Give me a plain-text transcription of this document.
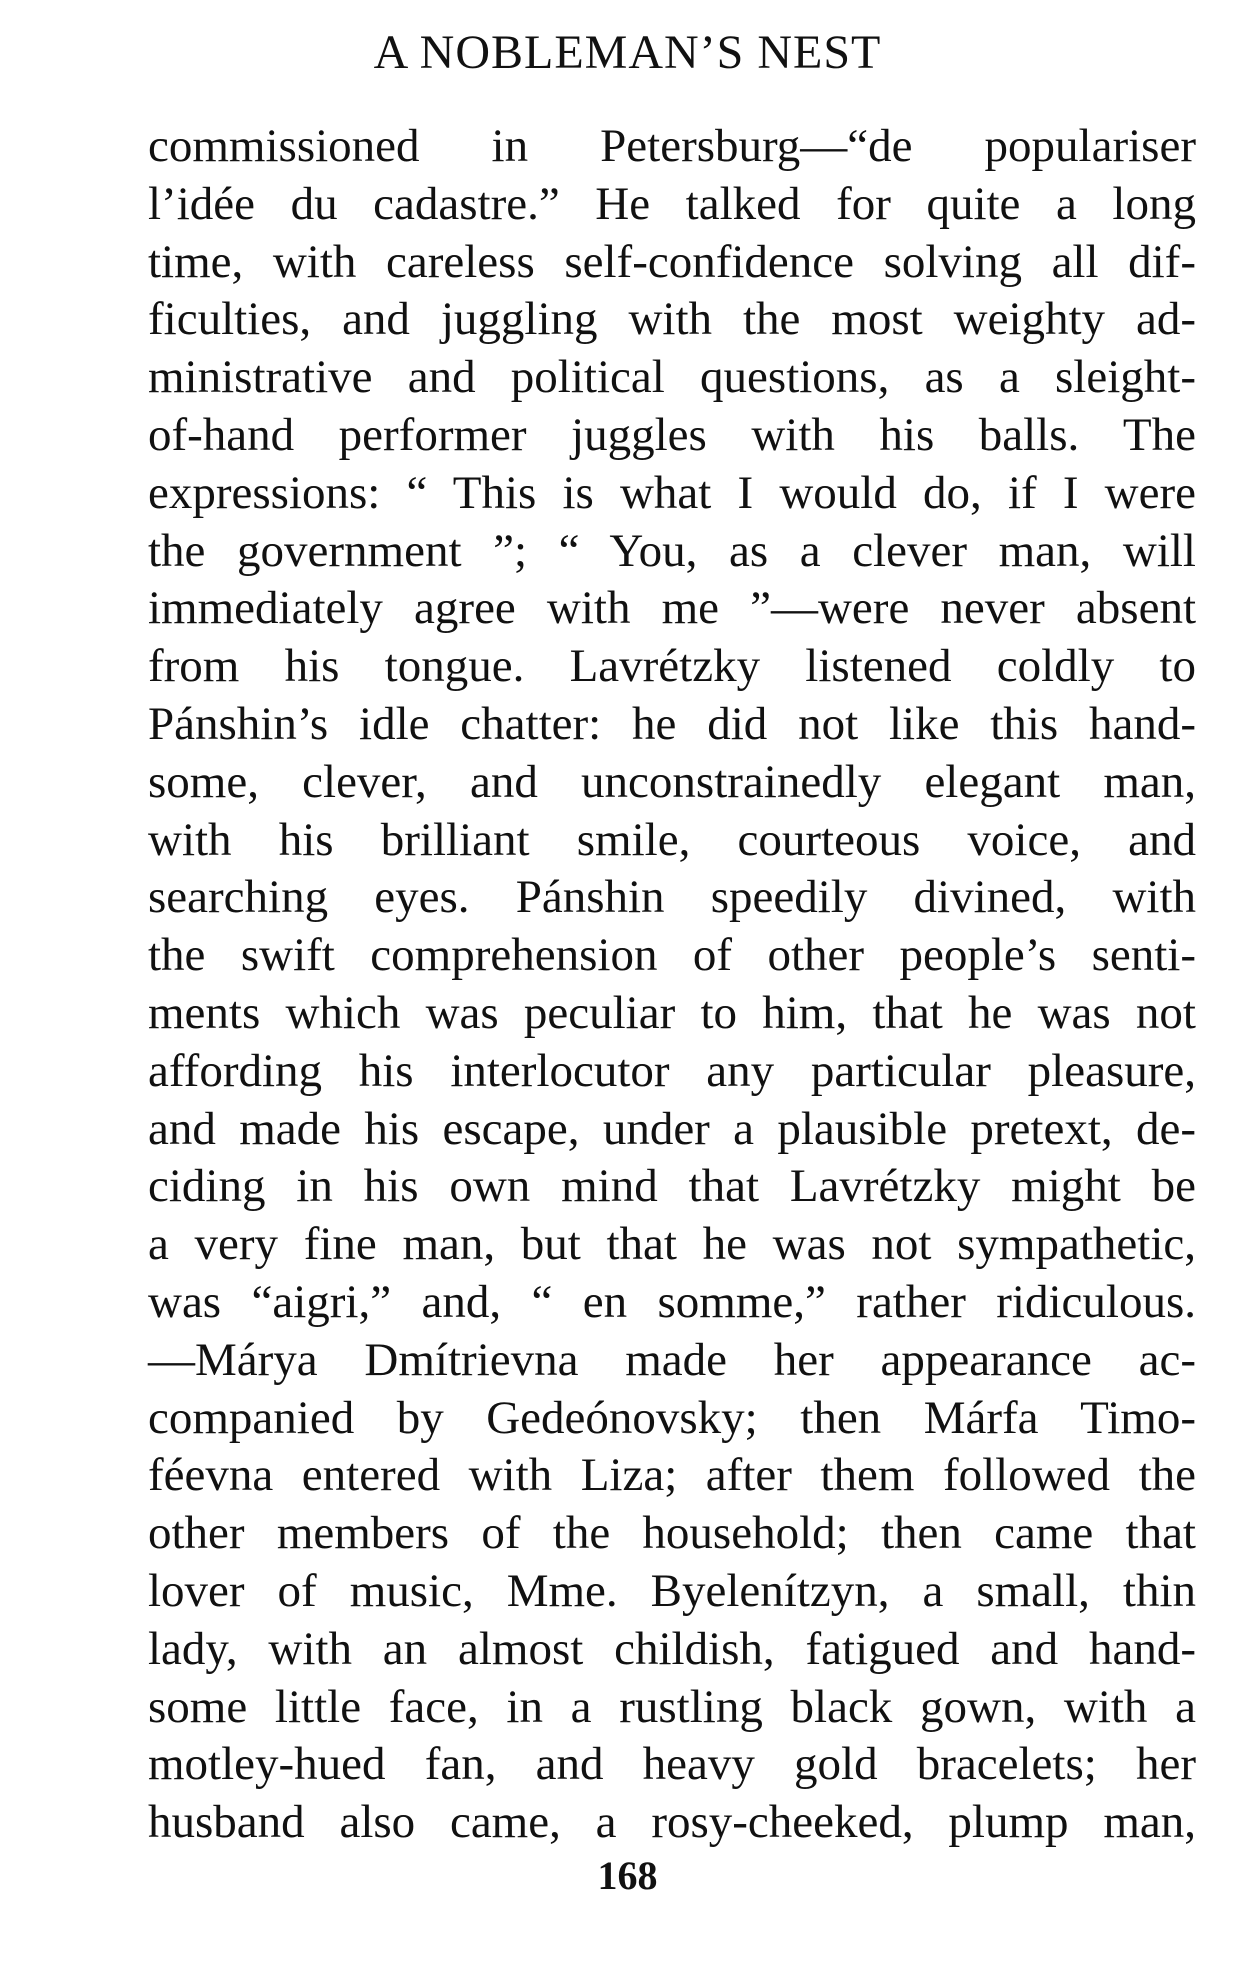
A NOBLEMAN’S NEST
commissioned in Petersburg—“de populariser
l’idée du cadastre.” He talked for quite a long
time, with careless self-confidence solving all dif-
ficulties, and juggling with the most weighty ad-
ministrative and political questions, as a sleight-
of-hand performer juggles with his balls. The
expressions: “ This is what I would do, if I were
the government ”; “ You, as a clever man, will
immediately agree with me ”—were never absent
from his tongue. Lavrétzky listened coldly to
Pánshin’s idle chatter: he did not like this hand-
some, clever, and unconstrainedly elegant man,
with his brilliant smile, courteous voice, and
searching eyes. Pánshin speedily divined, with
the swift comprehension of other people’s senti-
ments which was peculiar to him, that he was not
affording his interlocutor any particular pleasure,
and made his escape, under a plausible pretext, de-
ciding in his own mind that Lavrétzky might be
a very fine man, but that he was not sympathetic,
was “aigri,” and, “ en somme,” rather ridiculous.
—Márya Dmítrievna made her appearance ac-
companied by Gedeónovsky; then Márfa Timo-
féevna entered with Liza; after them followed the
other members of the household; then came that
lover of music, Mme. Byelenítzyn, a small, thin
lady, with an almost childish, fatigued and hand-
some little face, in a rustling black gown, with a
motley-hued fan, and heavy gold bracelets; her
husband also came, a rosy-cheeked, plump man,
168
